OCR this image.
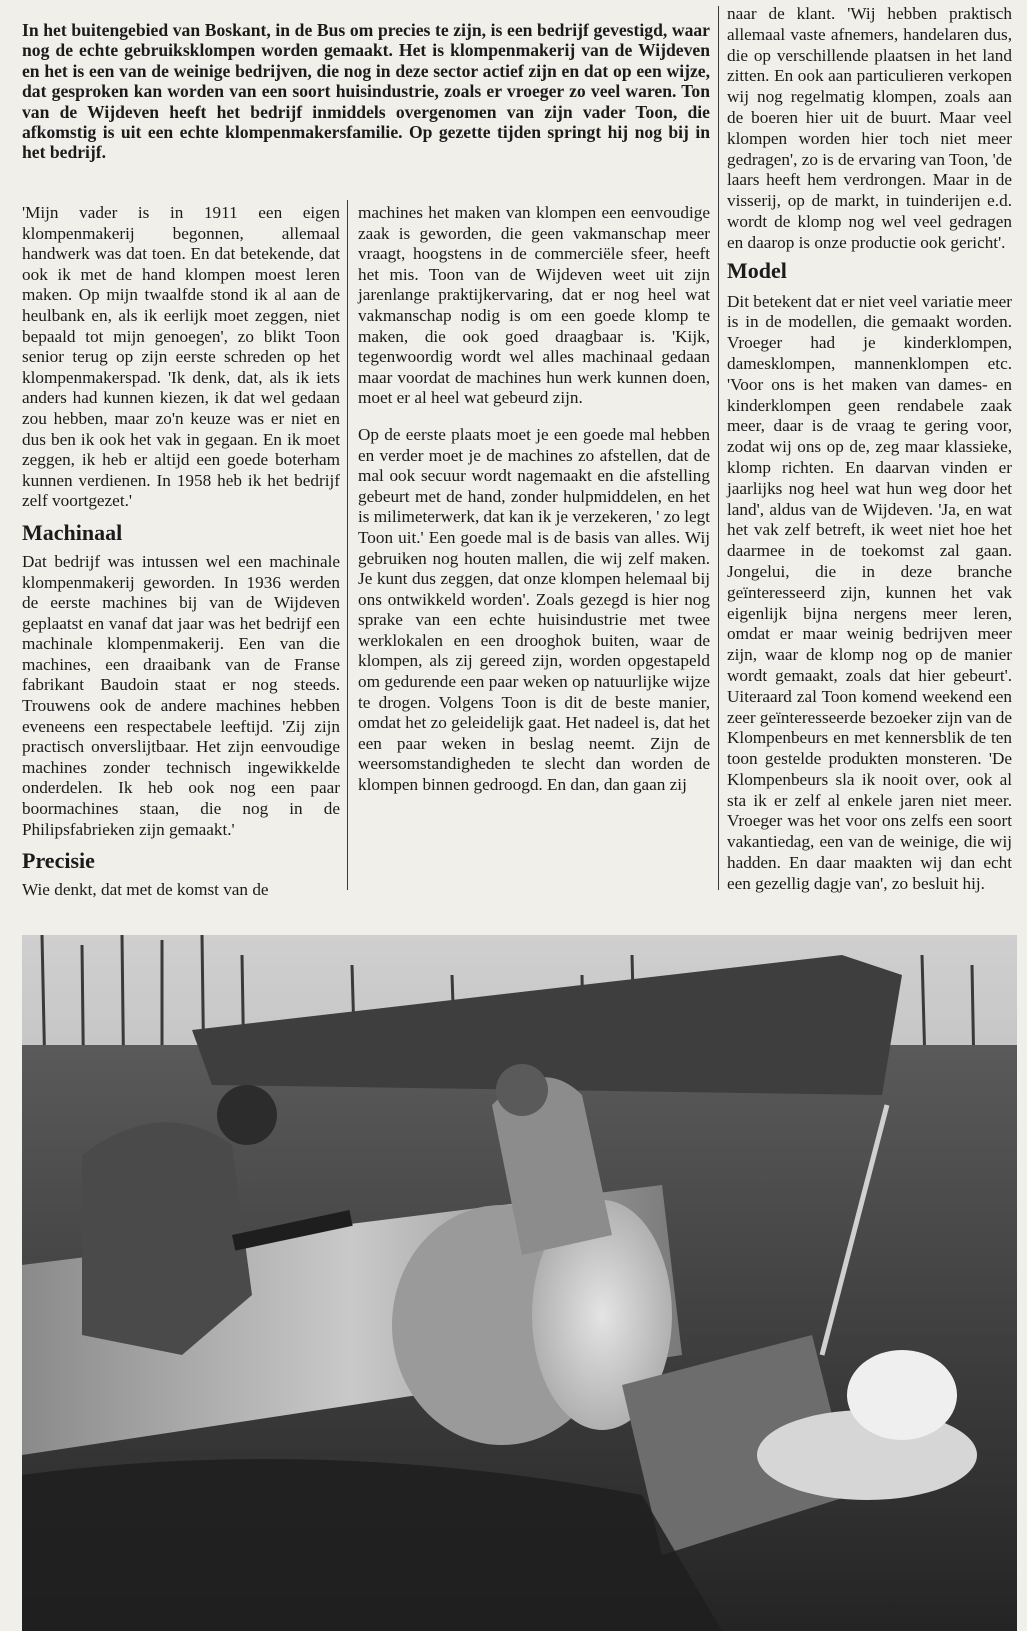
In het buitengebied van Boskant, in de Bus om precies te zijn, is een bedrijf gevestigd, waar nog de echte gebruiksklompen worden gemaakt. Het is klompenmakerij van de Wijdeven en het is een van de weinige bedrijven, die nog in deze sector actief zijn en dat op een wijze, dat gesproken kan worden van een soort huisindustrie, zoals er vroeger zo veel waren. Ton van de Wijdeven heeft het bedrijf inmiddels overgenomen van zijn vader Toon, die afkomstig is uit een echte klompenmakersfamilie. Op gezette tijden springt hij nog bij in het bedrijf.

'Mijn vader is in 1911 een eigen klompenmakerij begonnen, allemaal handwerk was dat toen. En dat betekende, dat ook ik met de hand klompen moest leren maken. Op mijn twaalfde stond ik al aan de heulbank en, als ik eerlijk moet zeggen, niet bepaald tot mijn genoegen', zo blikt Toon senior terug op zijn eerste schreden op het klompenmakerspad. 'Ik denk, dat, als ik iets anders had kunnen kiezen, ik dat wel gedaan zou hebben, maar zo'n keuze was er niet en dus ben ik ook het vak in gegaan. En ik moet zeggen, ik heb er altijd een goede boterham kunnen verdienen. In 1958 heb ik het bedrijf zelf voortgezet.'

Machinaal

Dat bedrijf was intussen wel een machinale klompenmakerij geworden. In 1936 werden de eerste machines bij van de Wijdeven geplaatst en vanaf dat jaar was het bedrijf een machinale klompenmakerij. Een van die machines, een draaibank van de Franse fabrikant Baudoin staat er nog steeds. Trouwens ook de andere machines hebben eveneens een respectabele leeftijd. 'Zij zijn practisch onverslijtbaar. Het zijn eenvoudige machines zonder technisch ingewikkelde onderdelen. Ik heb ook nog een paar boormachines staan, die nog in de Philipsfabrieken zijn gemaakt.'

Precisie

Wie denkt, dat met de komst van de

machines het maken van klompen een eenvoudige zaak is geworden, die geen vakmanschap meer vraagt, hoogstens in de commerciële sfeer, heeft het mis. Toon van de Wijdeven weet uit zijn jarenlange praktijkervaring, dat er nog heel wat vakmanschap nodig is om een goede klomp te maken, die ook goed draagbaar is. 'Kijk, tegenwoordig wordt wel alles machinaal gedaan maar voordat de machines hun werk kunnen doen, moet er al heel wat gebeurd zijn.

Op de eerste plaats moet je een goede mal hebben en verder moet je de machines zo afstellen, dat de mal ook secuur wordt nagemaakt en die afstelling gebeurt met de hand, zonder hulpmiddelen, en het is milimeterwerk, dat kan ik je verzekeren, ' zo legt Toon uit.' Een goede mal is de basis van alles. Wij gebruiken nog houten mallen, die wij zelf maken. Je kunt dus zeggen, dat onze klompen helemaal bij ons ontwikkeld worden'. Zoals gezegd is hier nog sprake van een echte huisindustrie met twee werklokalen en een drooghok buiten, waar de klompen, als zij gereed zijn, worden opgestapeld om gedurende een paar weken op natuurlijke wijze te drogen. Volgens Toon is dit de beste manier, omdat het zo geleidelijk gaat. Het nadeel is, dat het een paar weken in beslag neemt. Zijn de weersomstandigheden te slecht dan worden de klompen binnen gedroogd. En dan, dan gaan zij

naar de klant. 'Wij hebben praktisch allemaal vaste afnemers, handelaren dus, die op verschillende plaatsen in het land zitten. En ook aan particulieren verkopen wij nog regelmatig klompen, zoals aan de boeren hier uit de buurt. Maar veel klompen worden hier toch niet meer gedragen', zo is de ervaring van Toon, 'de laars heeft hem verdrongen. Maar in de visserij, op de markt, in tuinderijen e.d. wordt de klomp nog wel veel gedragen en daarop is onze productie ook gericht'.

Model

Dit betekent dat er niet veel variatie meer is in de modellen, die gemaakt worden. Vroeger had je kinderklompen, damesklompen, mannenklompen etc. 'Voor ons is het maken van dames- en kinderklompen geen rendabele zaak meer, daar is de vraag te gering voor, zodat wij ons op de, zeg maar klassieke, klomp richten. En daarvan vinden er jaarlijks nog heel wat hun weg door het land', aldus van de Wijdeven. 'Ja, en wat het vak zelf betreft, ik weet niet hoe het daarmee in de toekomst zal gaan. Jongelui, die in deze branche geïnteresseerd zijn, kunnen het vak eigenlijk bijna nergens meer leren, omdat er maar weinig bedrijven meer zijn, waar de klomp nog op de manier wordt gemaakt, zoals dat hier gebeurt'. Uiteraard zal Toon komend weekend een zeer geïnteresseerde bezoeker zijn van de Klompenbeurs en met kennersblik de ten toon gestelde produkten monsteren. 'De Klompenbeurs sla ik nooit over, ook al sta ik er zelf al enkele jaren niet meer. Vroeger was het voor ons zelfs een soort vakantiedag, een van de weinige, die wij hadden. En daar maakten wij dan echt een gezellig dagje van', zo besluit hij.
